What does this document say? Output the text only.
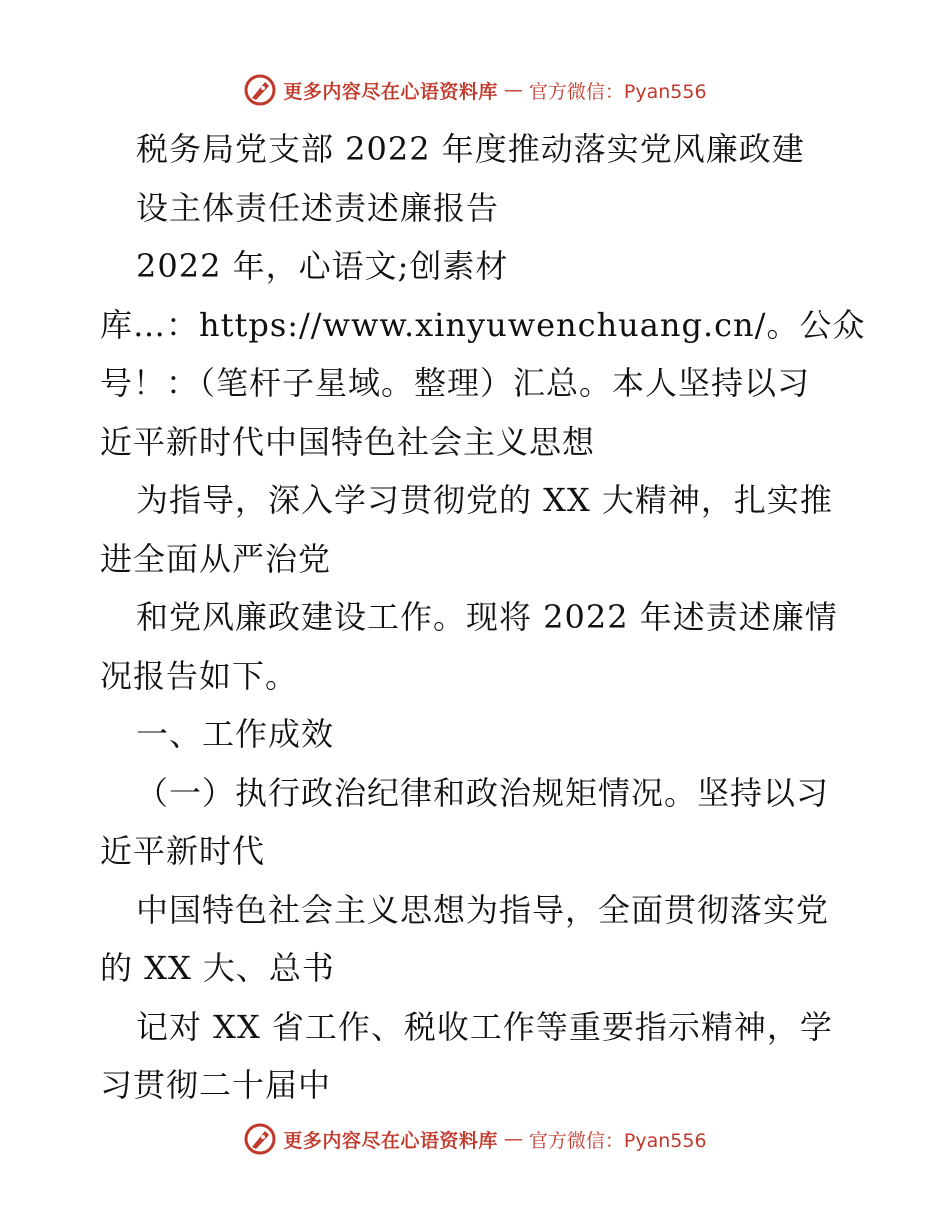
更多内容尽在心语资料库 — 官方微信：Pyan556
税务局党支部 2022 年度推动落实党风廉政建
设主体责任述责述廉报告
2022 年，心语文;创素材
库…：https://www.xinyuwenchuang.cn/。公众
号！：（笔杆子星域。整理）汇总。本人坚持以习
近平新时代中国特色社会主义思想
为指导，深入学习贯彻党的 XX 大精神，扎实推
进全面从严治党
和党风廉政建设工作。现将 2022 年述责述廉情
况报告如下。
一、工作成效
（一）执行政治纪律和政治规矩情况。坚持以习
近平新时代
中国特色社会主义思想为指导，全面贯彻落实党
的 XX 大、总书
记对 XX 省工作、税收工作等重要指示精神，学
习贯彻二十届中
更多内容尽在心语资料库 — 官方微信：Pyan556
